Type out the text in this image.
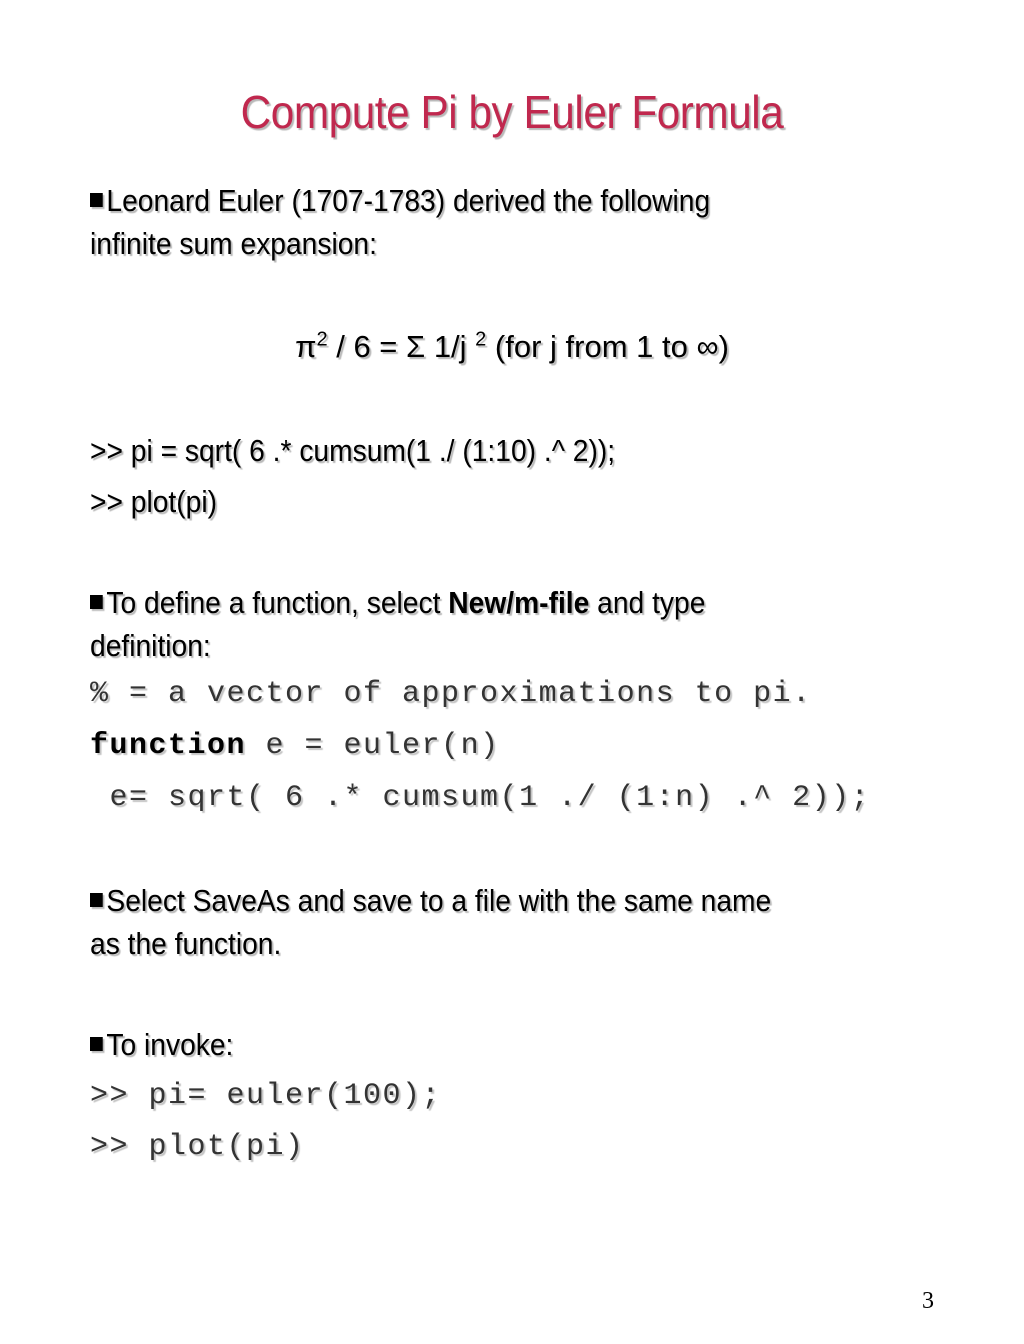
Compute Pi by Euler Formula
Leonard Euler (1707-1783) derived the following
infinite sum expansion:
$\pi^2 / 6 = \Sigma$ 1/j $^2$ (for j from 1 to ∞)
>> pi = sqrt( 6 .* cumsum(1 ./ (1:10) .^ 2));
>> plot(pi)
To define a function, select New/m-file and type
definition:
% = a vector of approximations to pi.
function e = euler(n)
e= sqrt( 6 .* cumsum(1 ./ (1:n) .^ 2));
Select SaveAs and save to a file with the same name
as the function.
To invoke:
>> pi= euler(100);
>> plot(pi)
3
